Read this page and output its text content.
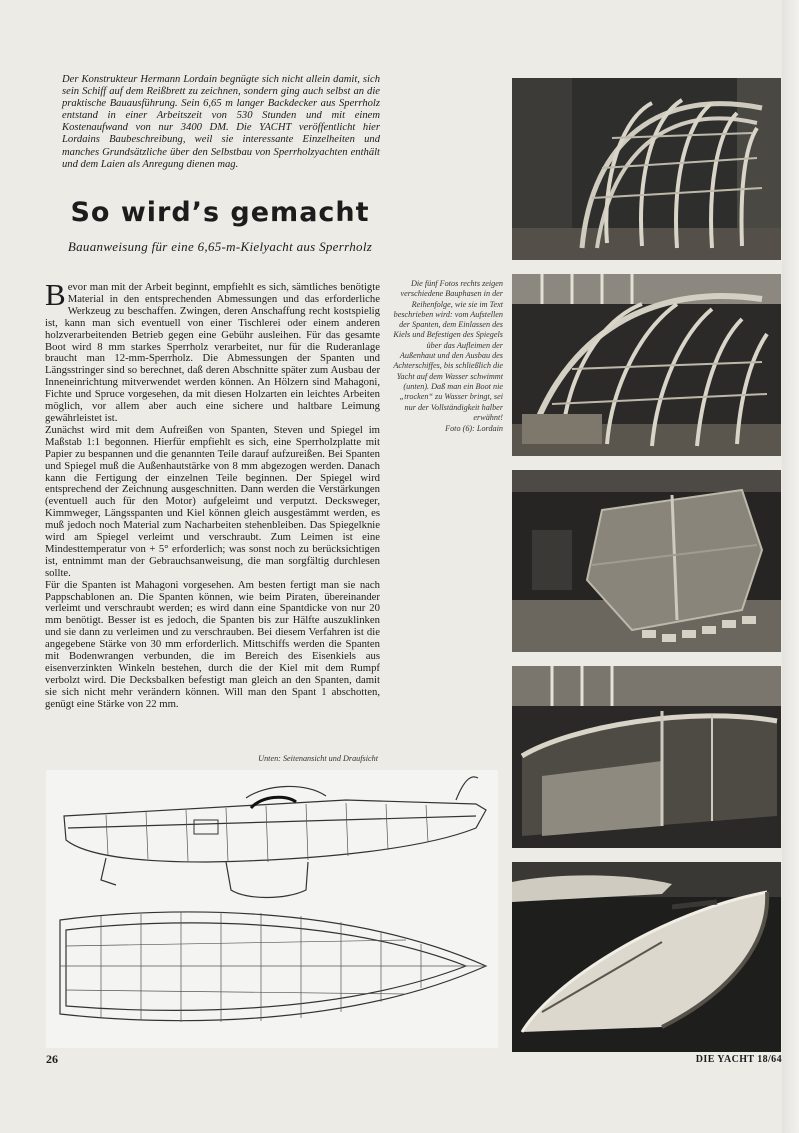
Der Konstrukteur Hermann Lordain begnügte sich nicht allein damit, sich sein Schiff auf dem Reißbrett zu zeichnen, sondern ging auch selbst an die praktische Bauausführung. Sein 6,65 m langer Backdecker aus Sperrholz entstand in einer Arbeitszeit von 530 Stunden und mit einem Kostenaufwand von nur 3400 DM. Die YACHT veröffentlicht hier Lordains Baubeschreibung, weil sie interessante Einzelheiten und manches Grundsätzliche über den Selbstbau von Sperrholzyachten enthält und dem Laien als Anregung dienen mag.
So wird’s gemacht
Bauanweisung für eine 6,65-m-Kielyacht aus Sperrholz

Bevor man mit der Arbeit beginnt, empfiehlt es sich, sämtliches benötigte Material in den entsprechenden Abmessungen und das erforderliche Werkzeug zu beschaffen. Zwingen, deren Anschaffung recht kostspielig ist, kann man sich eventuell von einer Tischlerei oder einem anderen holzverarbeitenden Betrieb gegen eine Gebühr ausleihen. Für das gesamte Boot wird 8 mm starkes Sperrholz verarbeitet, nur für die Ruderanlage braucht man 12-mm-Sperrholz. Die Abmessungen der Spanten und Längsstringer sind so berechnet, daß deren Abschnitte später zum Ausbau der Inneneinrichtung mitverwendet werden können. An Hölzern sind Mahagoni, Fichte und Spruce vorgesehen, da mit diesen Holzarten ein leichtes Arbeiten möglich, vor allem aber auch eine sichere und haltbare Leimung gewährleistet ist.

Zunächst wird mit dem Aufreißen von Spanten, Steven und Spiegel im Maßstab 1:1 begonnen. Hierfür empfiehlt es sich, eine Sperrholzplatte mit Papier zu bespannen und die genannten Teile darauf aufzureißen. Bei Spanten und Spiegel muß die Außenhautstärke von 8 mm abgezogen werden. Danach kann die Fertigung der einzelnen Teile beginnen. Der Spiegel wird entsprechend der Zeichnung ausgeschnitten. Dann werden die Verstärkungen (eventuell auch für den Motor) aufgeleimt und verputzt. Decksweger, Kimmweger, Längsspanten und Kiel können gleich ausgestämmt werden, es muß jedoch noch Material zum Nacharbeiten stehenbleiben. Das Spiegelknie wird am Spiegel verleimt und verschraubt. Zum Leimen ist eine Mindesttemperatur von + 5° erforderlich; was sonst noch zu berücksichtigen ist, entnimmt man der Gebrauchsanweisung, die man sorgfältig durchlesen sollte.

Für die Spanten ist Mahagoni vorgesehen. Am besten fertigt man sie nach Pappschablonen an. Die Spanten können, wie beim Piraten, übereinander verleimt und verschraubt werden; es wird dann eine Spantdicke von nur 20 mm benötigt. Besser ist es jedoch, die Spanten bis zur Hälfte auszuklinken und sie dann zu verleimen und zu verschrauben. Bei diesem Verfahren ist die angegebene Stärke von 30 mm erforderlich. Mittschiffs werden die Spanten mit Bodenwrangen verbunden, die im Bereich des Eisenkiels aus eisenverzinkten Winkeln bestehen, durch die der Kiel mit dem Rumpf verbolzt wird. Die Decksbalken befestigt man gleich an den Spanten, damit sie sich nicht mehr verändern können. Will man den Spant 1 abschotten, genügt eine Stärke von 22 mm.

Die fünf Fotos rechts zeigen verschiedene Bauphasen in der Reihenfolge, wie sie im Text beschrieben wird: vom Aufstellen der Spanten, dem Einlassen des Kiels und Befestigen des Spiegels über das Aufleimen der Außenhaut und den Ausbau des Achterschiffes, bis schließlich die Yacht auf dem Wasser schwimmt (unten). Daß man ein Boot nie „trocken“ zu Wasser bringt, sei nur der Vollständigkeit halber erwähnt!
Foto (6): Lordain
Unten: Seitenansicht und Draufsicht
26	DIE YACHT 18/64
